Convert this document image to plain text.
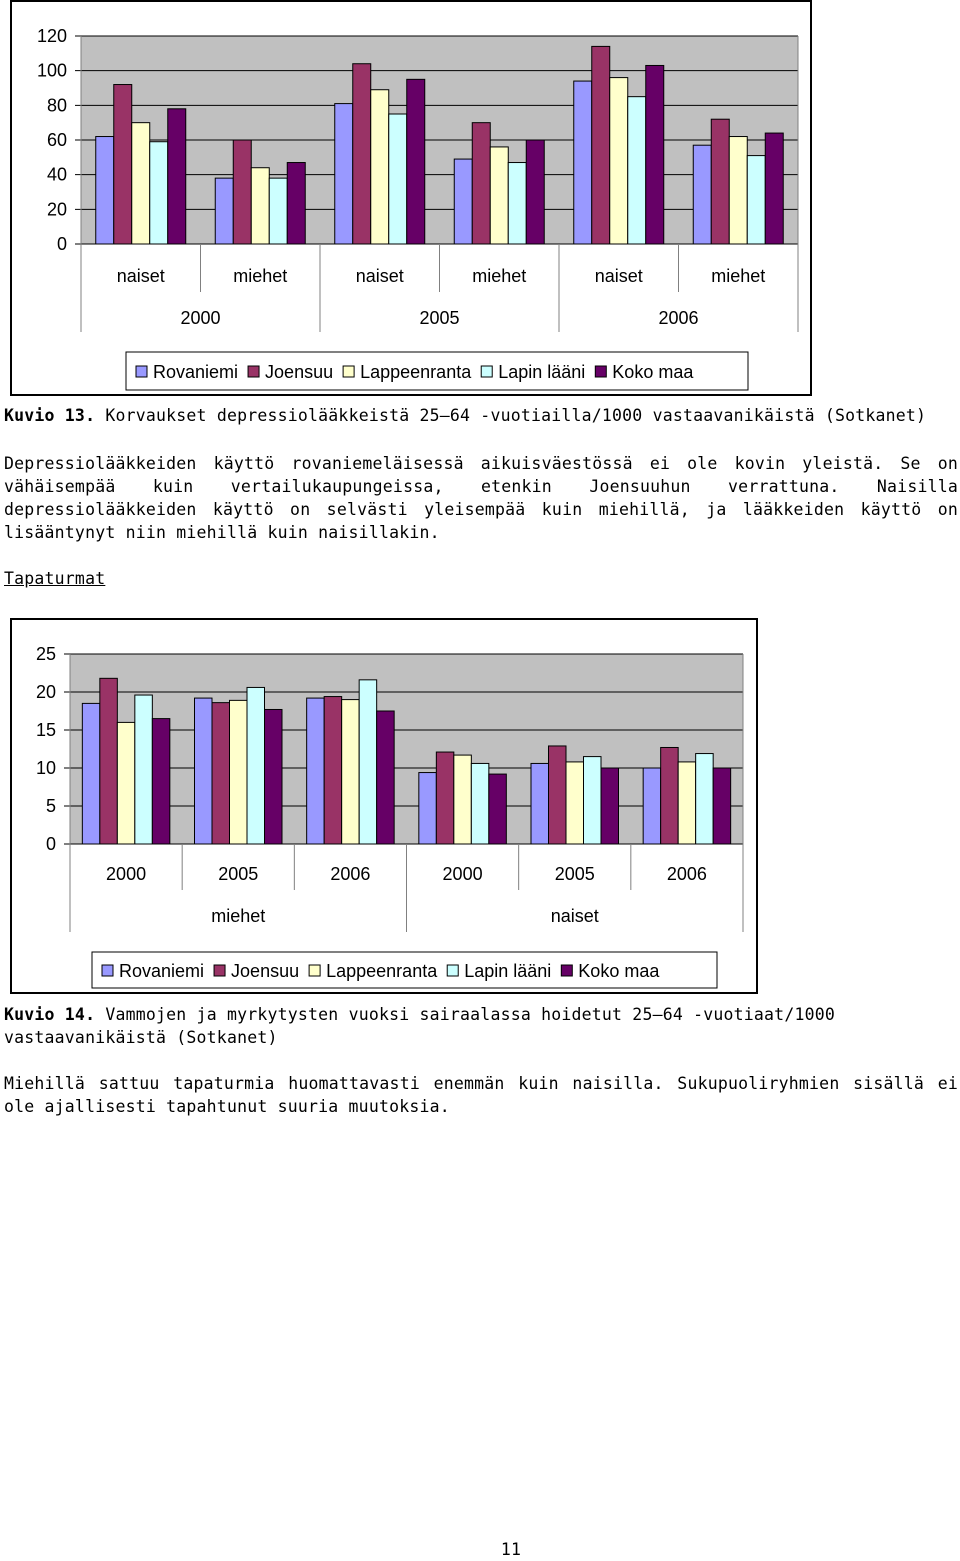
0
20
40
60
80
100
120
naiset	miehet	naiset	miehet	naiset	miehet
2000	2005	2006
Rovaniemi Joensuu Lappeenranta Lapin lääni Koko maa
Kuvio 13. Korvaukset depressiolääkkeistä 25–64 -vuotiailla/1000 vastaavanikäistä (Sotkanet)
Depressiolääkkeiden käyttö rovaniemeläisessä aikuisväestössä ei ole kovin yleistä. Se on vähäisempää kuin vertailukaupungeissa, etenkin Joensuuhun verrattuna. Naisilla depressiolääkkeiden käyttö on selvästi yleisempää kuin miehillä, ja lääkkeiden käyttö on lisääntynyt niin miehillä kuin naisillakin.
Tapaturmat
0
5
10
15
20
25
2000	2005	2006	2000	2005	2006
miehet	naiset
Rovaniemi Joensuu Lappeenranta Lapin lääni Koko maa
Kuvio 14. Vammojen ja myrkytysten vuoksi sairaalassa hoidetut 25–64 -vuotiaat/1000 vastaavanikäistä (Sotkanet)
Miehillä sattuu tapaturmia huomattavasti enemmän kuin naisilla. Sukupuoliryhmien sisällä ei ole ajallisesti tapahtunut suuria muutoksia.
11
